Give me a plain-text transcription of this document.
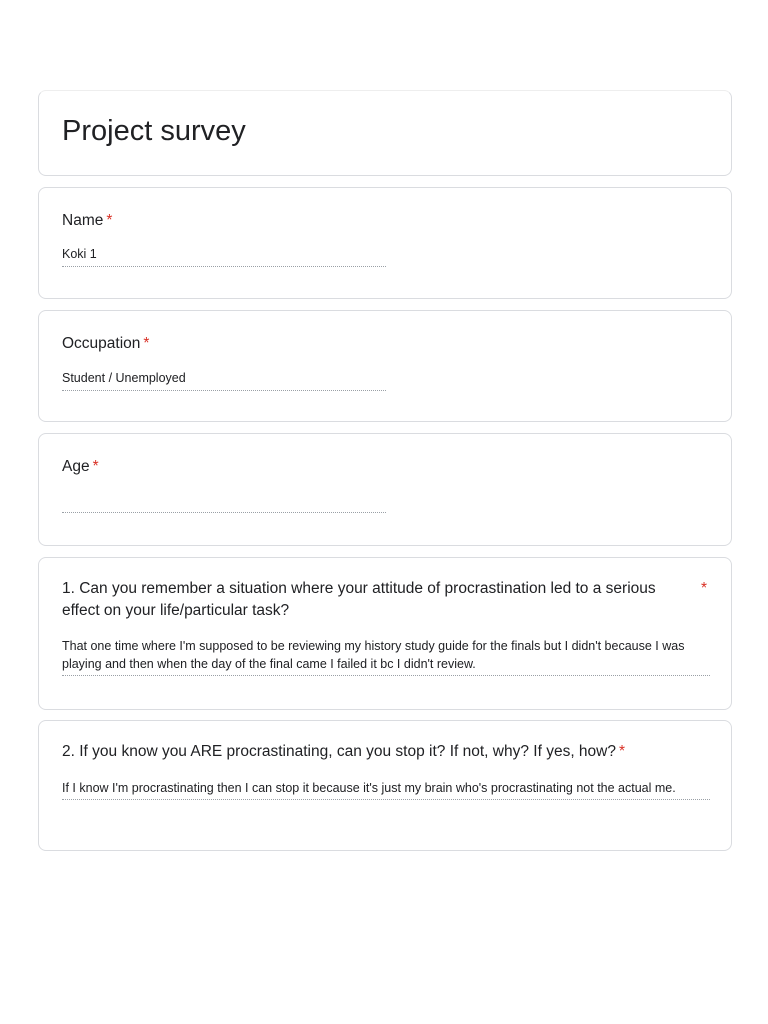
Project survey
Name *
Koki 1
Occupation *
Student / Unemployed
Age *
1. Can you remember a situation where your attitude of procrastination led to a serious effect on your life/particular task?
*
That one time where I'm supposed to be reviewing my history study guide for the finals but I didn't because I was playing and then when the day of the final came I failed it bc I didn't review.
2. If you know you ARE procrastinating, can you stop it? If not, why? If yes, how? *
If I know I'm procrastinating then I can stop it because it's just my brain who's procrastinating not the actual me.
